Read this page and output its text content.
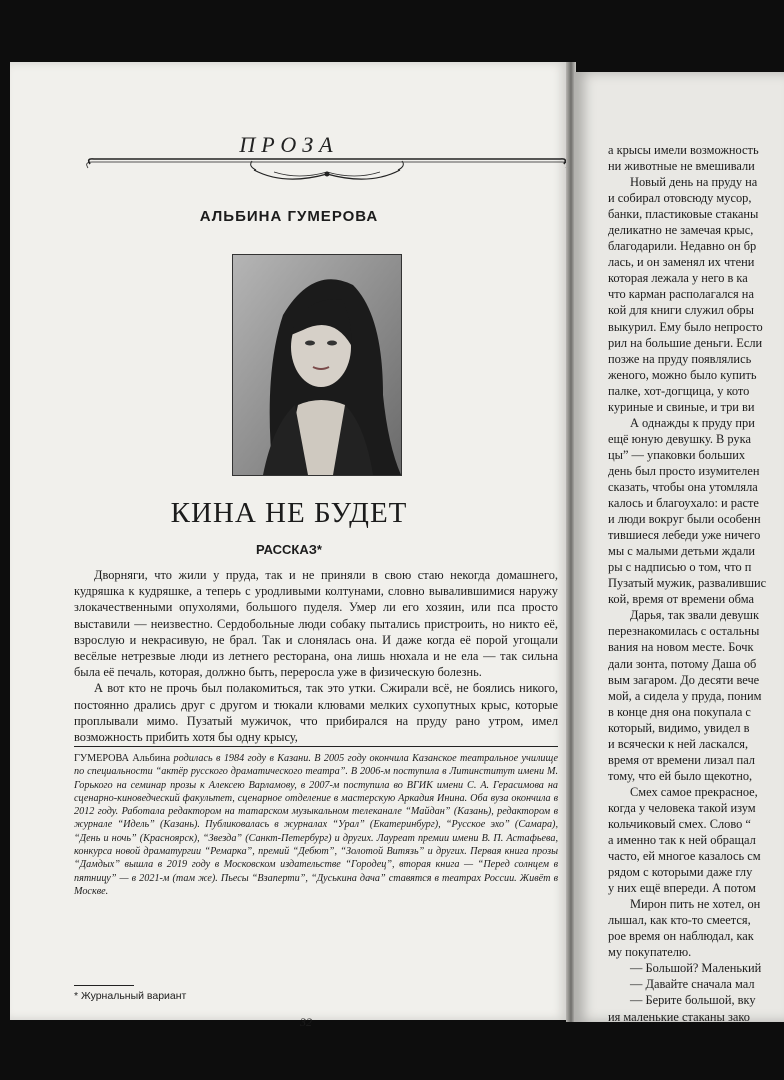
ПРОЗА
АЛЬБИНА ГУМЕРОВА
КИНА НЕ БУДЕТ
РАССКАЗ*

Дворняги, что жили у пруда, так и не приняли в свою стаю некогда домашнего, кудряшка к кудряшке, а теперь с уродливыми колтунами, словно вывалившимися наружу злокачественными опухолями, большого пуделя. Умер ли его хозяин, или пса просто выставили — неизвестно. Сердобольные люди собаку пытались пристроить, но никто её, взрослую и некрасивую, не брал. Так и слонялась она. И даже когда её порой угощали весёлые нетрезвые люди из летнего ресторана, она лишь нюхала и не ела — так сильна была её печаль, которая, должно быть, переросла уже в физическую болезнь.

А вот кто не прочь был полакомиться, так это утки. Сжирали всё, не боялись никого, постоянно дрались друг с другом и тюкали клювами мелких сухопутных крыс, которые проплывали мимо. Пузатый мужичок, что прибирался на пруду рано утром, имел возможность прибить хотя бы одну крысу,

ГУМЕРОВА Альбина родилась в 1984 году в Казани. В 2005 году окончила Казанское театральное училище по специальности “актёр русского драматического театра”. В 2006-м поступила в Литинститут имени М. Горького на семинар прозы к Алексею Варламову, в 2007-м поступила во ВГИК имени С. А. Герасимова на сценарно-киноведческий факультет, сценарное отделение в мастерскую Аркадия Инина. Оба вуза окончила в 2012 году. Работала редактором на татарском музыкальном телеканале “Майдан” (Казань), редактором в журнале “Идель” (Казань). Публиковалась в журналах “Урал” (Екатеринбург), “Русское эхо” (Самара), “День и ночь” (Красноярск), “Звезда” (Санкт-Петербург) и других. Лауреат премии имени В. П. Астафьева, конкурса новой драматургии “Ремарка”, премий “Дебют”, “Золотой Витязь” и других. Первая книга прозы “Дамдых” вышла в 2019 году в Московском издательстве “Городец”, вторая книга — “Перед солнцем в пятницу” — в 2021-м (там же). Пьесы “Взаперти”, “Дуськина дача” ставятся в театрах России. Живёт в Москве.
* Журнальный вариант
32
а крысы имели возможность
ни животные не вмешивали
Новый день на пруду на
и собирал отовсюду мусор,
банки, пластиковые стаканы
деликатно не замечая крыс,
благодарили. Недавно он бр
лась, и он заменял их чтени
которая лежала у него в ка
что карман располагался на
кой для книги служил обры
выкурил. Ему было непросто
рил на большие деньги. Если
позже на пруду появлялись
женого, можно было купить
палке, хот-догщица, у кото
куриные и свиные, и три ви
А однажды к пруду при
ещё юную девушку. В рука
цы” — упаковки больших
день был просто изумителен
сказать, чтобы она утомляла
калось и благоухало: и расте
и люди вокруг были особенн
тившиеся лебеди уже ничего
мы с малыми детьми ждали
ры с надписью о том, что п
Пузатый мужик, развалившис
кой, время от времени обма
Дарья, так звали девушк
перезнакомилась с остальны
вания на новом месте. Бочк
дали зонта, потому Даша об
вым загаром. До десяти вече
мой, а сидела у пруда, поним
в конце дня она покупала с
который, видимо, увидел в
и всячески к ней ласкался,
время от времени лизал пал
тому, что ей было щекотно,
Смех самое прекрасное,
когда у человека такой изум
кольчиковый смех. Слово “
а именно так к ней обращал
часто, ей многое казалось см
рядом с которыми даже глу
у них ещё впереди. А потом
Мирон пить не хотел, он
лышал, как кто-то смеется,
рое время он наблюдал, как
му покупателю.
— Большой? Маленький
— Давайте сначала мал
— Берите большой, вку
ия маленькие стаканы зако
